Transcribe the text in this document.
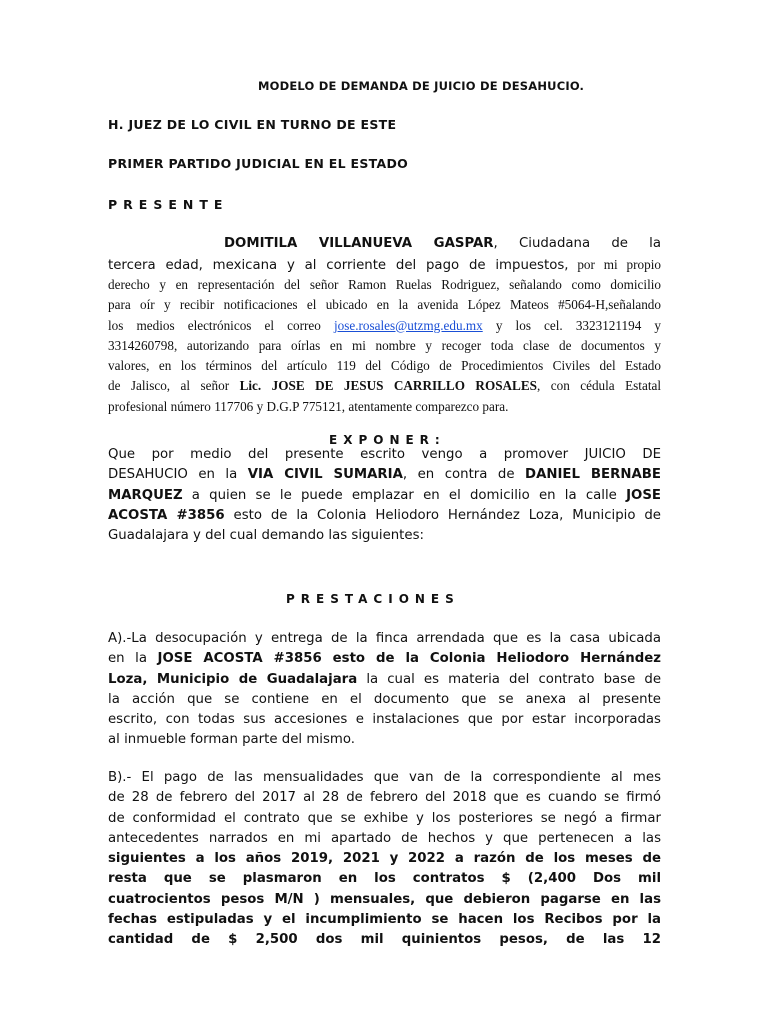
MODELO DE DEMANDA DE JUICIO DE DESAHUCIO.
H. JUEZ DE LO CIVIL EN TURNO DE ESTE
PRIMER PARTIDO JUDICIAL EN EL ESTADO
PRESENTE
DOMITILA VILLANUEVA GASPAR, Ciudadana de la
tercera edad, mexicana y al corriente del pago de impuestos, por mi propio
derecho y en representación del señor Ramon Ruelas Rodriguez, señalando como domicilio
para oír y recibir notificaciones el ubicado en la avenida López Mateos #5064-H,señalando
los medios electrónicos el correo jose.rosales@utzmg.edu.mx y los cel. 3323121194 y
3314260798, autorizando para oírlas en mi nombre y recoger toda clase de documentos y
valores, en los términos del artículo 119 del Código de Procedimientos Civiles del Estado
de Jalisco, al señor Lic. JOSE DE JESUS CARRILLO ROSALES, con cédula Estatal
profesional número 117706 y D.G.P 775121, atentamente comparezco para.
EXPONER:
Que por medio del presente escrito vengo a promover JUICIO DE
DESAHUCIO en la VIA CIVIL SUMARIA, en contra de DANIEL BERNABE
MARQUEZ a quien se le puede emplazar en el domicilio en la calle JOSE
ACOSTA #3856 esto de la Colonia Heliodoro Hernández Loza, Municipio de
Guadalajara y del cual demando las siguientes:
PRESTACIONES
A).-La desocupación y entrega de la finca arrendada que es la casa ubicada
en la JOSE ACOSTA #3856 esto de la Colonia Heliodoro Hernández
Loza, Municipio de Guadalajara la cual es materia del contrato base de
la acción que se contiene en el documento que se anexa al presente
escrito, con todas sus accesiones e instalaciones que por estar incorporadas
al inmueble forman parte del mismo.
B).- El pago de las mensualidades que van de la correspondiente al mes
de 28 de febrero del 2017 al 28 de febrero del 2018 que es cuando se firmó
de conformidad el contrato que se exhibe y los posteriores se negó a firmar
antecedentes narrados en mi apartado de hechos y que pertenecen a las
siguientes a los años 2019, 2021 y 2022 a razón de los meses de
resta que se plasmaron en los contratos $ (2,400 Dos mil
cuatrocientos pesos M/N ) mensuales, que debieron pagarse en las
fechas estipuladas y el incumplimiento se hacen los Recibos por la
cantidad de $ 2,500 dos mil quinientos pesos, de las 12
